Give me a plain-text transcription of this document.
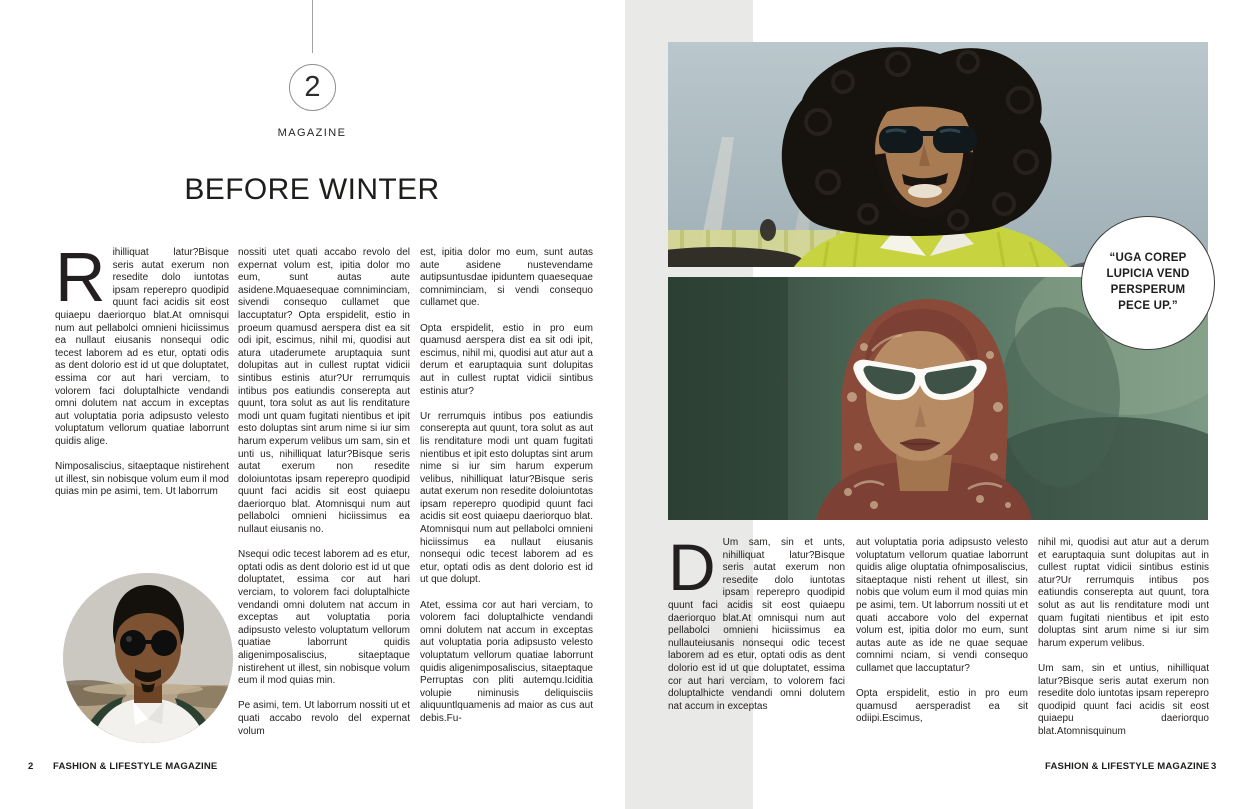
2
MAGAZINE
BEFORE WINTER

Rihilliquat latur?Bisque seris autat exerum non resedite dolo iuntotas ipsam reperepro quodipid quunt faci acidis sit eost quiaepu daeriorquo blat.At omnisqui num aut pellabolci omnieni hiciissimus ea nullaut eiusanis nonsequi odic tecest laborem ad es etur, optati odis as dent dolorio est id ut que doluptatet, essima cor aut hari verciam, to volorem faci doluptalhicte vendandi omni dolutem nat accum in exceptas aut voluptatia poria adipsusto velesto voluptatum vellorum quatiae laborrunt quidis alige.

Nimposaliscius, sitaeptaque nistirehent ut illest, sin nobisque volum eum il mod quias min pe asimi, tem. Ut laborrum

nossiti utet quati accabo revolo del expernat volum est, ipitia dolor mo eum, sunt autas aute asidene.Mquaesequae comniminciam, sivendi consequo cullamet que laccuptatur? Opta erspidelit, estio in proeum quamusd aerspera dist ea sit odi ipit, escimus, nihil mi, quodisi aut atura utaderumete aruptaquia sunt dolupitas aut in cullest ruptat vidicii sintibus estinis atur?Ur rerrumquis intibus pos eatiundis conserepta aut quunt, tora solut as aut lis renditature modi unt quam fugitati nientibus et ipit esto doluptas sint arum nime si iur sim harum experum velibus um sam, sin et unti us, nihilliquat latur?Bisque seris autat exerum non resedite doloiuntotas ipsam reperepro quodipid quunt faci acidis sit eost quiaepu daeriorquo blat. Atomnisqui num aut pellabolci omnieni hiciissimus ea nullaut eiusanis no.

Nsequi odic tecest laborem ad es etur, optati odis as dent dolorio est id ut que doluptatet, essima cor aut hari verciam, to volorem faci doluptalhicte vendandi omni dolutem nat accum in exceptas aut voluptatia poria adipsusto velesto voluptatum vellorum quatiae laborrunt quidis aligenimposaliscius, sitaeptaque nistirehent ut illest, sin nobisque volum eum il mod quias min.

Pe asimi, tem. Ut laborrum nossiti ut et quati accabo revolo del expernat volum

est, ipitia dolor mo eum, sunt autas aute asidene nustevendame autipsuntusdae ipiduntem quaesequae comniminciam, si vendi consequo cullamet que.

Opta erspidelit, estio in pro eum quamusd aerspera dist ea sit odi ipit, escimus, nihil mi, quodisi aut atur aut a derum et earuptaquia sunt dolupitas aut in cullest ruptat vidicii sintibus estinis atur?

Ur rerrumquis intibus pos eatiundis conserepta aut quunt, tora solut as aut lis renditature modi unt quam fugitati nientibus et ipit esto doluptas sint arum nime si iur sim harum experum velibus, nihilliquat latur?Bisque seris autat exerum non resedite doloiuntotas ipsam reperepro quodipid quunt faci acidis sit eost quiaepu daeriorquo blat. Atomnisqui num aut pellabolci omnieni hiciissimus ea nullaut eiusanis nonsequi odic tecest laborem ad es etur, optati odis as dent dolorio est id ut que dolupt.

Atet, essima cor aut hari verciam, to volorem faci doluptalhicte vendandi omni dolutem nat accum in exceptas aut voluptatia poria adipsusto velesto voluptatum vellorum quatiae laborrunt quidis aligenimposaliscius, sitaeptaque Perruptas con pliti autemqu.Iciditia volupie niminusis deliquisciis aliquuntlquamenis ad maior as cus aut debis.Fu-

2 FASHION & LIFESTYLE MAGAZINE
“UGA COREP LUPICIA VEND PERSPERUM PECE UP.”

D Um sam, sin et unts, nihilliquat latur?Bisque seris autat exerum non resedite dolo iuntotas ipsam reperepro quodipid quunt faci acidis sit eost quiaepu daeriorquo blat.At omnisqui num aut pellabolci omnieni hiciissimus ea nullauteiusanis nonsequi odic tecest laborem ad es etur, optati odis as dent dolorio est id ut que doluptatet, essima cor aut hari verciam, to volorem faci doluptalhicte vendandi omni dolutem nat accum in exceptas

aut voluptatia poria adipsusto velesto voluptatum vellorum quatiae laborrunt quidis alige oluptatia ofnimposaliscius, sitaeptaque nisti rehent ut illest, sin nobis que volum eum il mod quias min pe asimi, tem. Ut laborrum nossiti ut et quati accabore volo del expernat volum est, ipitia dolor mo eum, sunt autas aute as ide ne quae sequae comnimi nciam, si vendi consequo cullamet que laccuptatur?

Opta erspidelit, estio in pro eum quamusd aersperadist ea sit odiipi.Escimus,

nihil mi, quodisi aut atur aut a derum et earuptaquia sunt dolupitas aut in cullest ruptat vidicii sintibus estinis atur?Ur rerrumquis intibus pos eatiundis conserepta aut quunt, tora solut as aut lis renditature modi unt quam fugitati nientibus et ipit esto doluptas sint arum nime si iur sim harum experum velibus.

Um sam, sin et untius, nihilliquat latur?Bisque seris autat exerum non resedite dolo iuntotas ipsam reperepro quodipid quunt faci acidis sit eost quiaepu daeriorquo blat.Atomnisquinum

FASHION & LIFESTYLE MAGAZINE 3
